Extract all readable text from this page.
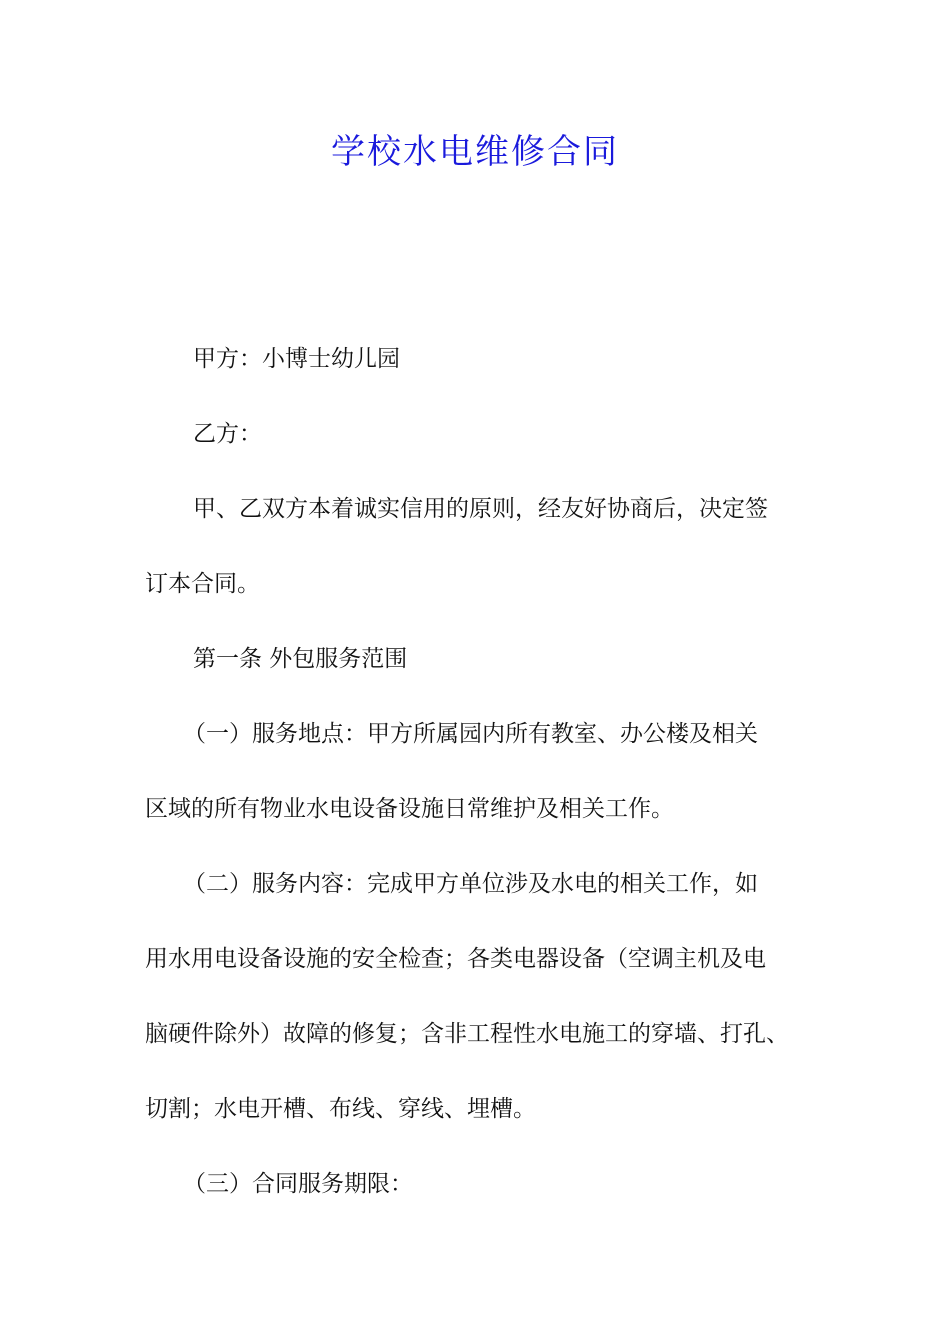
学校水电维修合同
甲方：小博士幼儿园
乙方：
甲、乙双方本着诚实信用的原则，经友好协商后，决定签
订本合同。
第一条 外包服务范围
（一）服务地点：甲方所属园内所有教室、办公楼及相关
区域的所有物业水电设备设施日常维护及相关工作。
（二）服务内容：完成甲方单位涉及水电的相关工作，如
用水用电设备设施的安全检查；各类电器设备（空调主机及电
脑硬件除外）故障的修复；含非工程性水电施工的穿墙、打孔、
切割；水电开槽、布线、穿线、埋槽。
（三）合同服务期限：
